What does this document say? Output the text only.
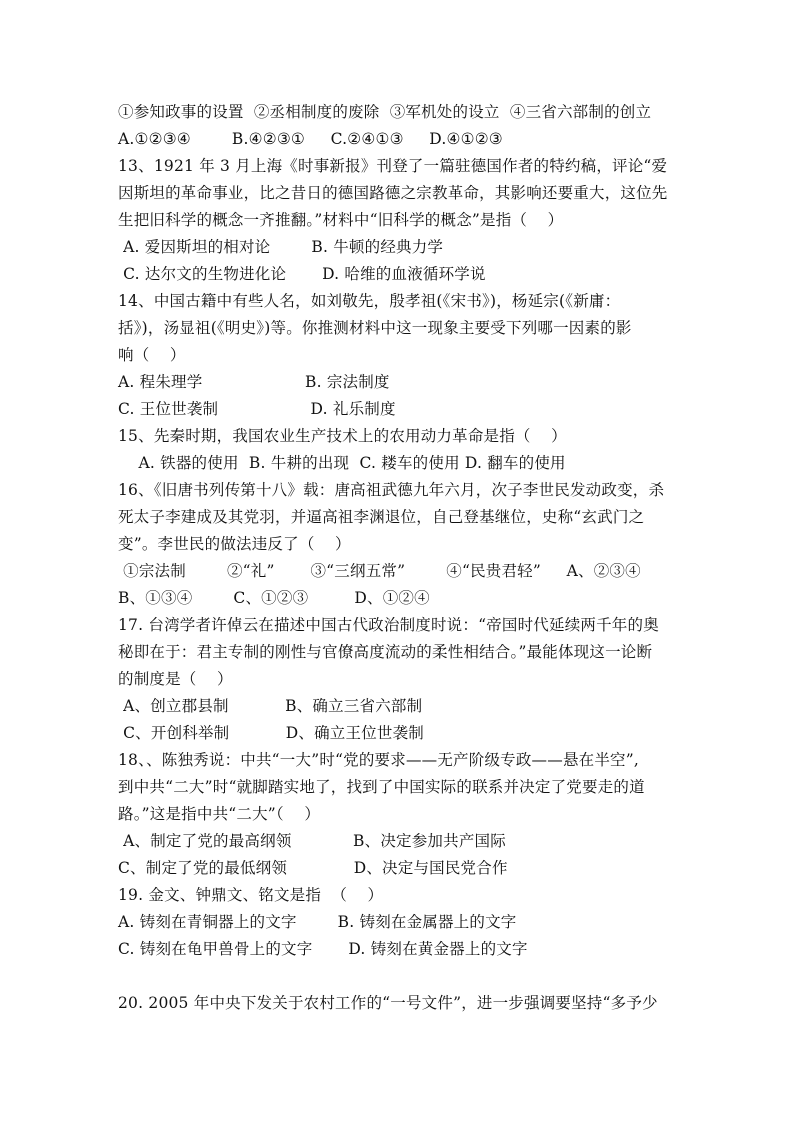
①参知政事的设置  ②丞相制度的废除  ③军机处的设立  ④三省六部制的创立
A.①②③④        B.④②③①     C.②④①③     D.④①②③
13、1921 年 3 月上海《时事新报》刊登了一篇驻德国作者的特约稿，评论“爱
因斯坦的革命事业，比之昔日的德国路德之宗教革命，其影响还要重大，这位先
生把旧科学的概念一齐推翻。”材料中“旧科学的概念”是指（    ）
A. 爱因斯坦的相对论        B. 牛顿的经典力学
C. 达尔文的生物进化论       D. 哈维的血液循环学说
14、中国古籍中有些人名，如刘敬先，殷孝祖(《宋书》)，杨延宗(《新庸：
括》)，汤显祖(《明史》)等。你推测材料中这一现象主要受下列哪一因素的影
响（    ）
A. 程朱理学                    B. 宗法制度
C. 王位世袭制                  D. 礼乐制度
15、先秦时期，我国农业生产技术上的农用动力革命是指（    ）
A. 铁器的使用  B. 牛耕的出现  C. 耧车的使用 D. 翻车的使用
16、《旧唐书列传第十八》载：唐高祖武德九年六月，次子李世民发动政变，杀
死太子李建成及其党羽，并逼高祖李渊退位，自己登基继位，史称“玄武门之
变”。李世民的做法违反了（    ）
①宗法制        ②“礼”       ③“三纲五常”        ④“民贵君轻”     A、②③④
B、①③④        C、①②③         D、①②④
17. 台湾学者许倬云在描述中国古代政治制度时说：“帝国时代延续两千年的奥
秘即在于：君主专制的刚性与官僚高度流动的柔性相结合。”最能体现这一论断
的制度是（    ）
A、创立郡县制           B、确立三省六部制
C、开创科举制           D、确立王位世袭制
18、、陈独秀说：中共“一大”时“党的要求——无产阶级专政——悬在半空”,
到中共“二大”时“就脚踏实地了，找到了中国实际的联系并决定了党要走的道
路。”这是指中共“二大”（    ）
A、制定了党的最高纲领            B、决定参加共产国际
C、制定了党的最低纲领             D、决定与国民党合作
19. 金文、钟鼎文、铭文是指  （    ）
A. 铸刻在青铜器上的文字        B. 铸刻在金属器上的文字
C. 铸刻在龟甲兽骨上的文字       D. 铸刻在黄金器上的文字
20. 2005 年中央下发关于农村工作的“一号文件”，进一步强调要坚持“多予少
